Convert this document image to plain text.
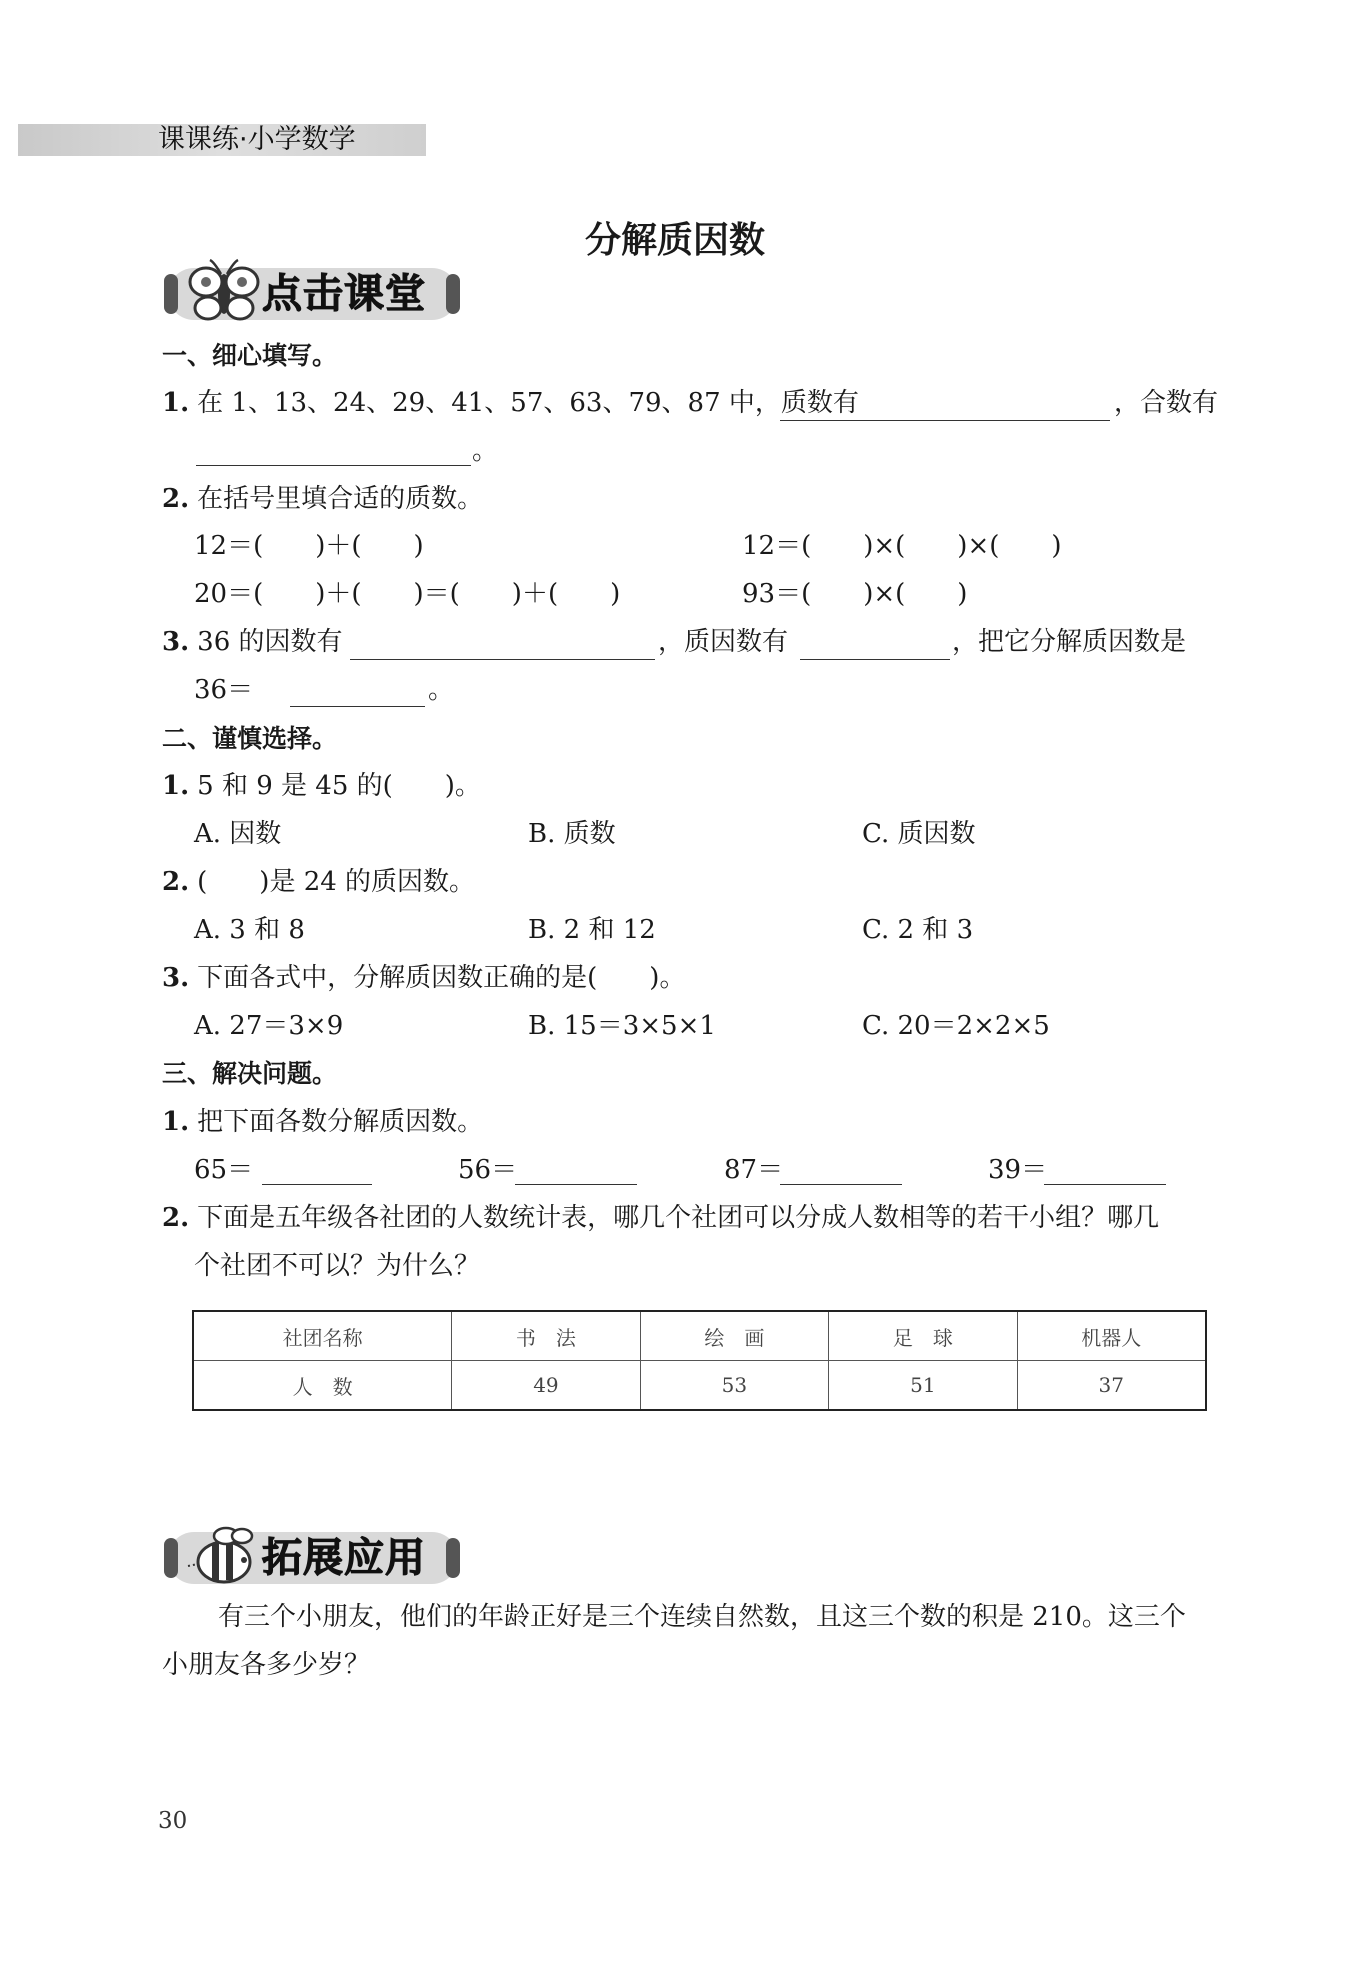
课课练·小学数学
分解质因数
点击课堂
一、细心填写。
1. 在 1、13、24、29、41、57、63、79、87 中，质数有	，合数有
。
2. 在括号里填合适的质数。
12＝(　　)＋(　　)	12＝(　　)×(　　)×(　　)
20＝(　　)＋(　　)＝(　　)＋(　　)	93＝(　　)×(　　)
3. 36 的因数有	，质因数有	，把它分解质因数是
36＝	。
二、谨慎选择。
1. 5 和 9 是 45 的(　　)。
A. 因数	B. 质数	C. 质因数
2. (　　)是 24 的质因数。
A. 3 和 8	B. 2 和 12	C. 2 和 3
3. 下面各式中，分解质因数正确的是(　　)。
A. 27＝3×9	B. 15＝3×5×1	C. 20＝2×2×5
三、解决问题。
1. 把下面各数分解质因数。
65＝	56＝	87＝	39＝
2. 下面是五年级各社团的人数统计表，哪几个社团可以分成人数相等的若干小组？哪几
个社团不可以？为什么？
社团名称	书　法	绘　画	足　球	机器人
人　数	49	53	51	37
拓展应用
有三个小朋友，他们的年龄正好是三个连续自然数，且这三个数的积是 210。这三个
小朋友各多少岁？
30
